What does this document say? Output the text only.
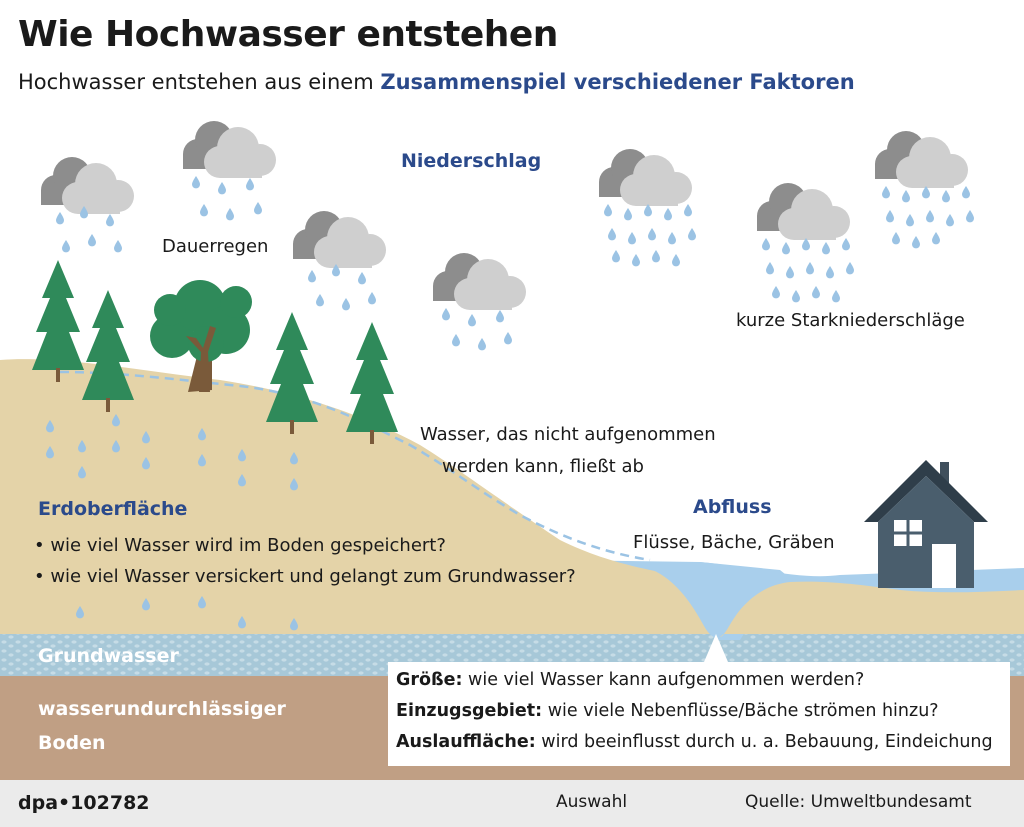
Wie Hochwasser entstehen
Hochwasser entstehen aus einem Zusammenspiel verschiedener Faktoren
Niederschlag
Dauerregen
kurze Starkniederschläge
Wasser, das nicht aufgenommen
werden kann, fließt ab
Erdoberfläche
• wie viel Wasser wird im Boden gespeichert?
• wie viel Wasser versickert und gelangt zum Grundwasser?
Abfluss
Flüsse, Bäche, Gräben
Grundwasser
wasserundurchlässiger
Boden
Größe: wie viel Wasser kann aufgenommen werden?
Einzugsgebiet: wie viele Nebenflüsse/Bäche strömen hinzu?
Auslauffläche: wird beeinflusst durch u. a. Bebauung, Eindeichung
dpa•102782	Auswahl	Quelle: Umweltbundesamt
